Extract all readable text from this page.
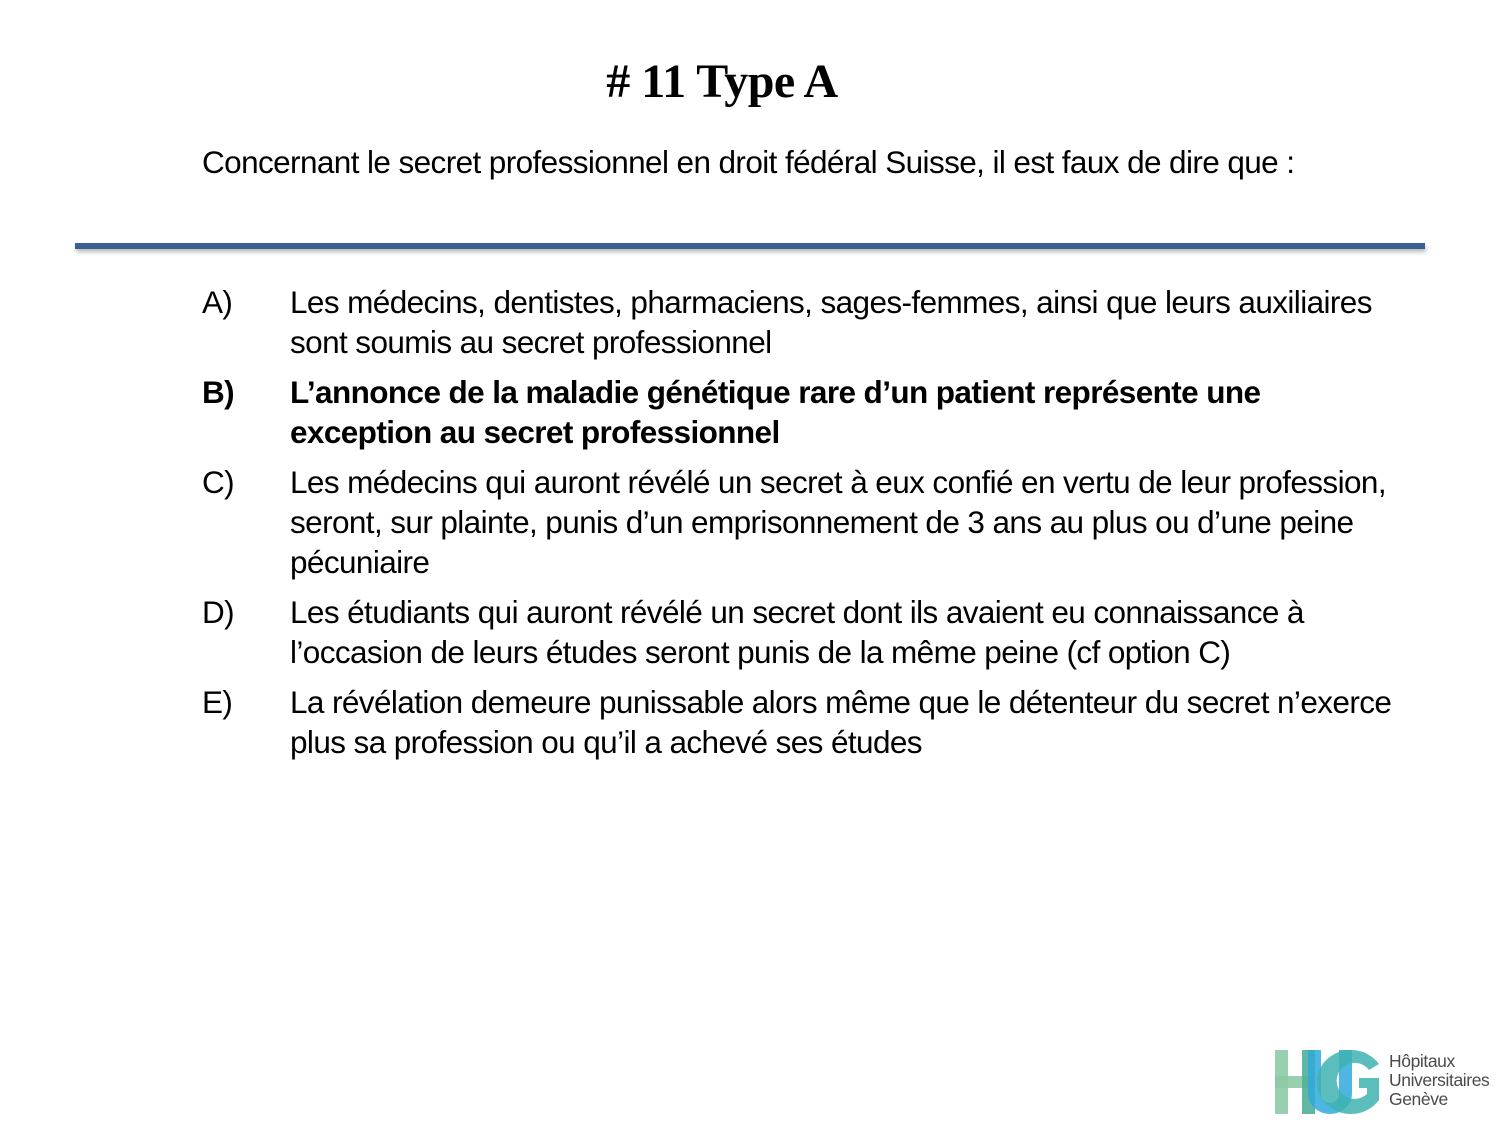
# 11 Type A
Concernant le secret professionnel en droit fédéral Suisse, il est faux de dire que :
A)	Les médecins, dentistes, pharmaciens, sages-femmes, ainsi que leurs auxiliaires sont soumis au secret professionnel
B)	L’annonce de la maladie génétique rare d’un patient représente une exception au secret professionnel
C)	Les médecins qui auront révélé un secret à eux confié en vertu de leur profession, seront, sur plainte, punis d’un emprisonnement de 3 ans au plus ou d’une peine pécuniaire
D)	Les étudiants qui auront révélé un secret dont ils avaient eu connaissance à l’occasion de leurs études seront punis de la même peine (cf option C)
E)	La révélation demeure punissable alors même que le détenteur du secret n’exerce plus sa profession ou qu’il a achevé ses études
Hôpitaux
Universitaires
Genève
